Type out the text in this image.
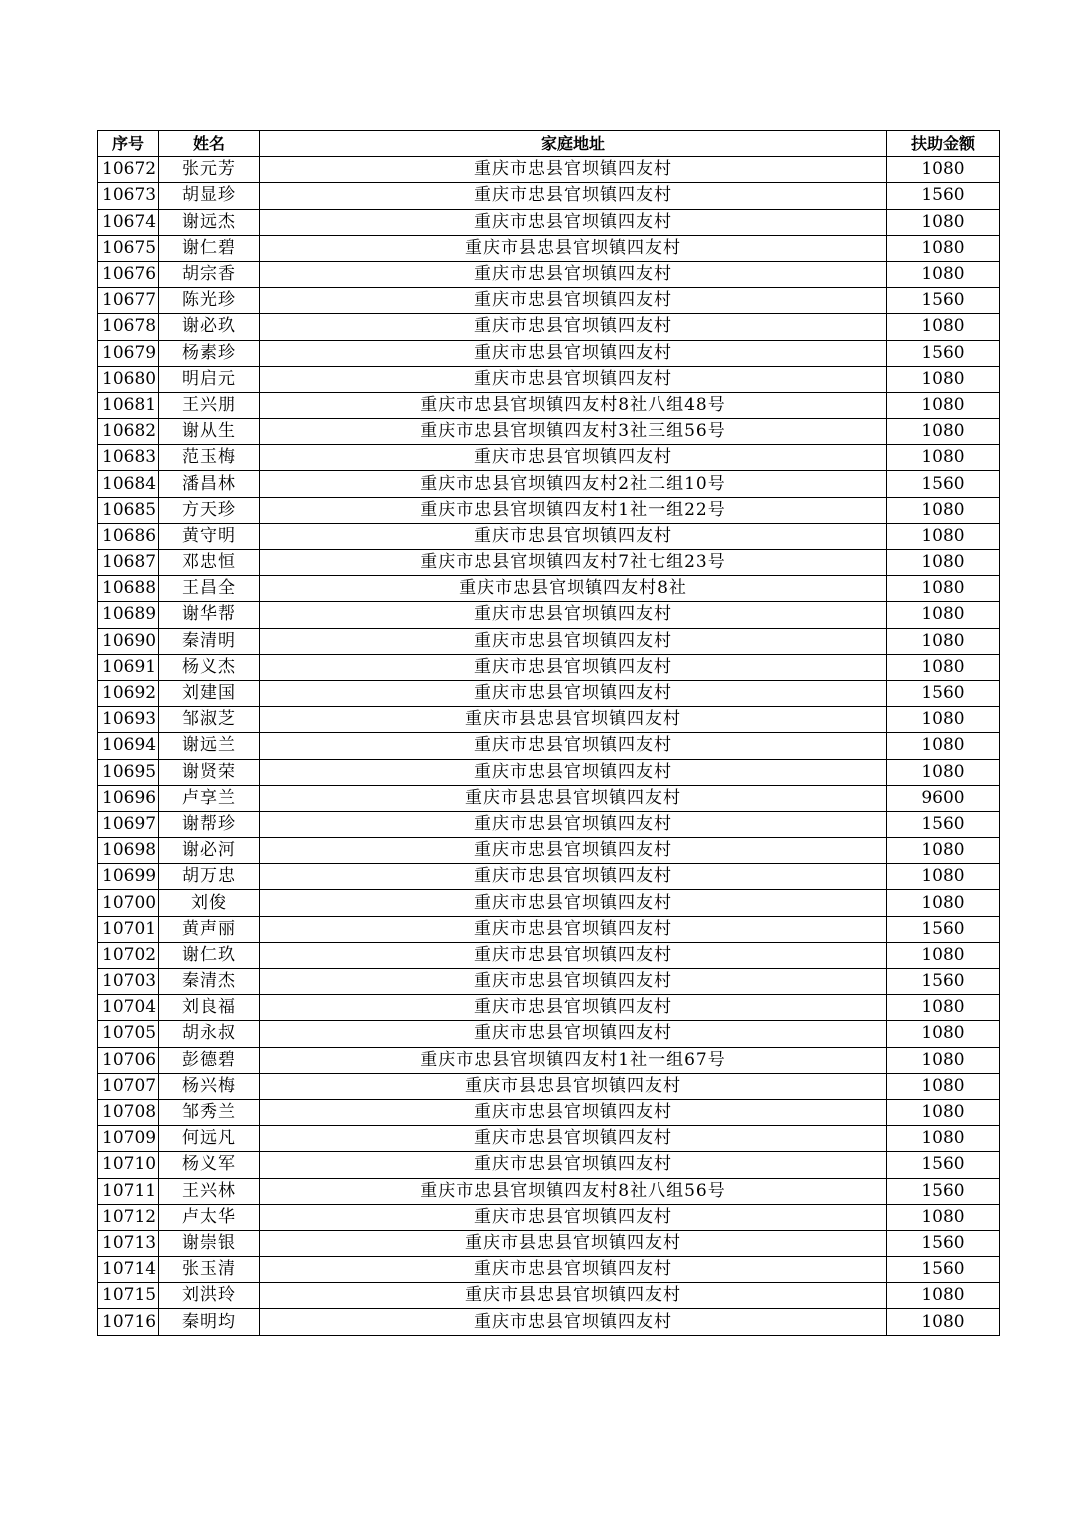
序号	姓名	家庭地址	扶助金额
10672	张元芳	重庆市忠县官坝镇四友村	1080
10673	胡显珍	重庆市忠县官坝镇四友村	1560
10674	谢远杰	重庆市忠县官坝镇四友村	1080
10675	谢仁碧	重庆市县忠县官坝镇四友村	1080
10676	胡宗香	重庆市忠县官坝镇四友村	1080
10677	陈光珍	重庆市忠县官坝镇四友村	1560
10678	谢必玖	重庆市忠县官坝镇四友村	1080
10679	杨素珍	重庆市忠县官坝镇四友村	1560
10680	明启元	重庆市忠县官坝镇四友村	1080
10681	王兴朋	重庆市忠县官坝镇四友村8社八组48号	1080
10682	谢从生	重庆市忠县官坝镇四友村3社三组56号	1080
10683	范玉梅	重庆市忠县官坝镇四友村	1080
10684	潘昌林	重庆市忠县官坝镇四友村2社二组10号	1560
10685	方天珍	重庆市忠县官坝镇四友村1社一组22号	1080
10686	黄守明	重庆市忠县官坝镇四友村	1080
10687	邓忠恒	重庆市忠县官坝镇四友村7社七组23号	1080
10688	王昌全	重庆市忠县官坝镇四友村8社	1080
10689	谢华帮	重庆市忠县官坝镇四友村	1080
10690	秦清明	重庆市忠县官坝镇四友村	1080
10691	杨义杰	重庆市忠县官坝镇四友村	1080
10692	刘建国	重庆市忠县官坝镇四友村	1560
10693	邹淑芝	重庆市县忠县官坝镇四友村	1080
10694	谢远兰	重庆市忠县官坝镇四友村	1080
10695	谢贤荣	重庆市忠县官坝镇四友村	1080
10696	卢享兰	重庆市县忠县官坝镇四友村	9600
10697	谢帮珍	重庆市忠县官坝镇四友村	1560
10698	谢必河	重庆市忠县官坝镇四友村	1080
10699	胡万忠	重庆市忠县官坝镇四友村	1080
10700	刘俊	重庆市忠县官坝镇四友村	1080
10701	黄声丽	重庆市忠县官坝镇四友村	1560
10702	谢仁玖	重庆市忠县官坝镇四友村	1080
10703	秦清杰	重庆市忠县官坝镇四友村	1560
10704	刘良福	重庆市忠县官坝镇四友村	1080
10705	胡永叔	重庆市忠县官坝镇四友村	1080
10706	彭德碧	重庆市忠县官坝镇四友村1社一组67号	1080
10707	杨兴梅	重庆市县忠县官坝镇四友村	1080
10708	邹秀兰	重庆市忠县官坝镇四友村	1080
10709	何远凡	重庆市忠县官坝镇四友村	1080
10710	杨义军	重庆市忠县官坝镇四友村	1560
10711	王兴林	重庆市忠县官坝镇四友村8社八组56号	1560
10712	卢太华	重庆市忠县官坝镇四友村	1080
10713	谢崇银	重庆市县忠县官坝镇四友村	1560
10714	张玉清	重庆市忠县官坝镇四友村	1560
10715	刘洪玲	重庆市县忠县官坝镇四友村	1080
10716	秦明均	重庆市忠县官坝镇四友村	1080
